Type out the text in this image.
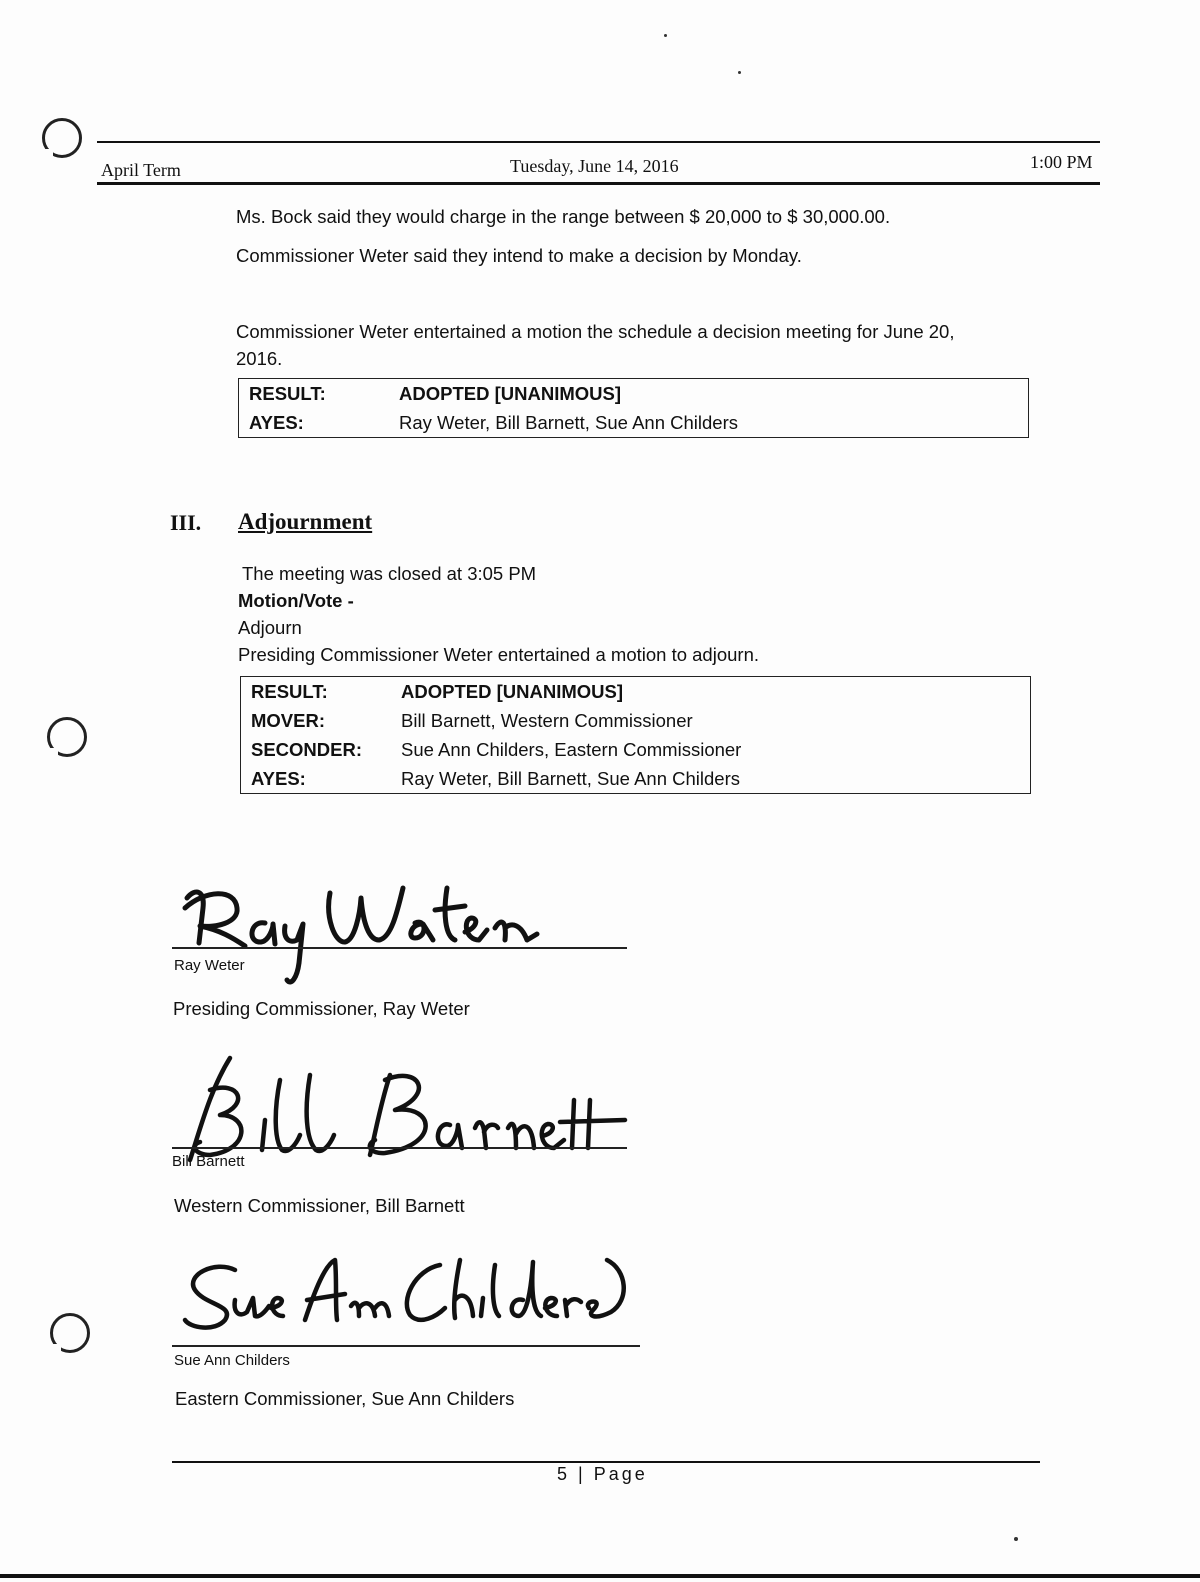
April Term	Tuesday, June 14, 2016	1:00 PM
Ms. Bock said they would charge in the range between $ 20,000 to $ 30,000.00.
Commissioner Weter said they intend to make a decision by Monday.
Commissioner Weter entertained a motion the schedule a decision meeting for June 20,
2016.
RESULT:	ADOPTED [UNANIMOUS]
AYES:	Ray Weter, Bill Barnett, Sue Ann Childers
III. Adjournment
The meeting was closed at 3:05 PM
Motion/Vote -
Adjourn
Presiding Commissioner Weter entertained a motion to adjourn.
RESULT:	ADOPTED [UNANIMOUS]
MOVER:	Bill Barnett, Western Commissioner
SECONDER:	Sue Ann Childers, Eastern Commissioner
AYES:	Ray Weter, Bill Barnett, Sue Ann Childers
Ray Weter
Presiding Commissioner, Ray Weter
Bill Barnett
Western Commissioner, Bill Barnett
Sue Ann Childers
Eastern Commissioner, Sue Ann Childers
5 | Page
